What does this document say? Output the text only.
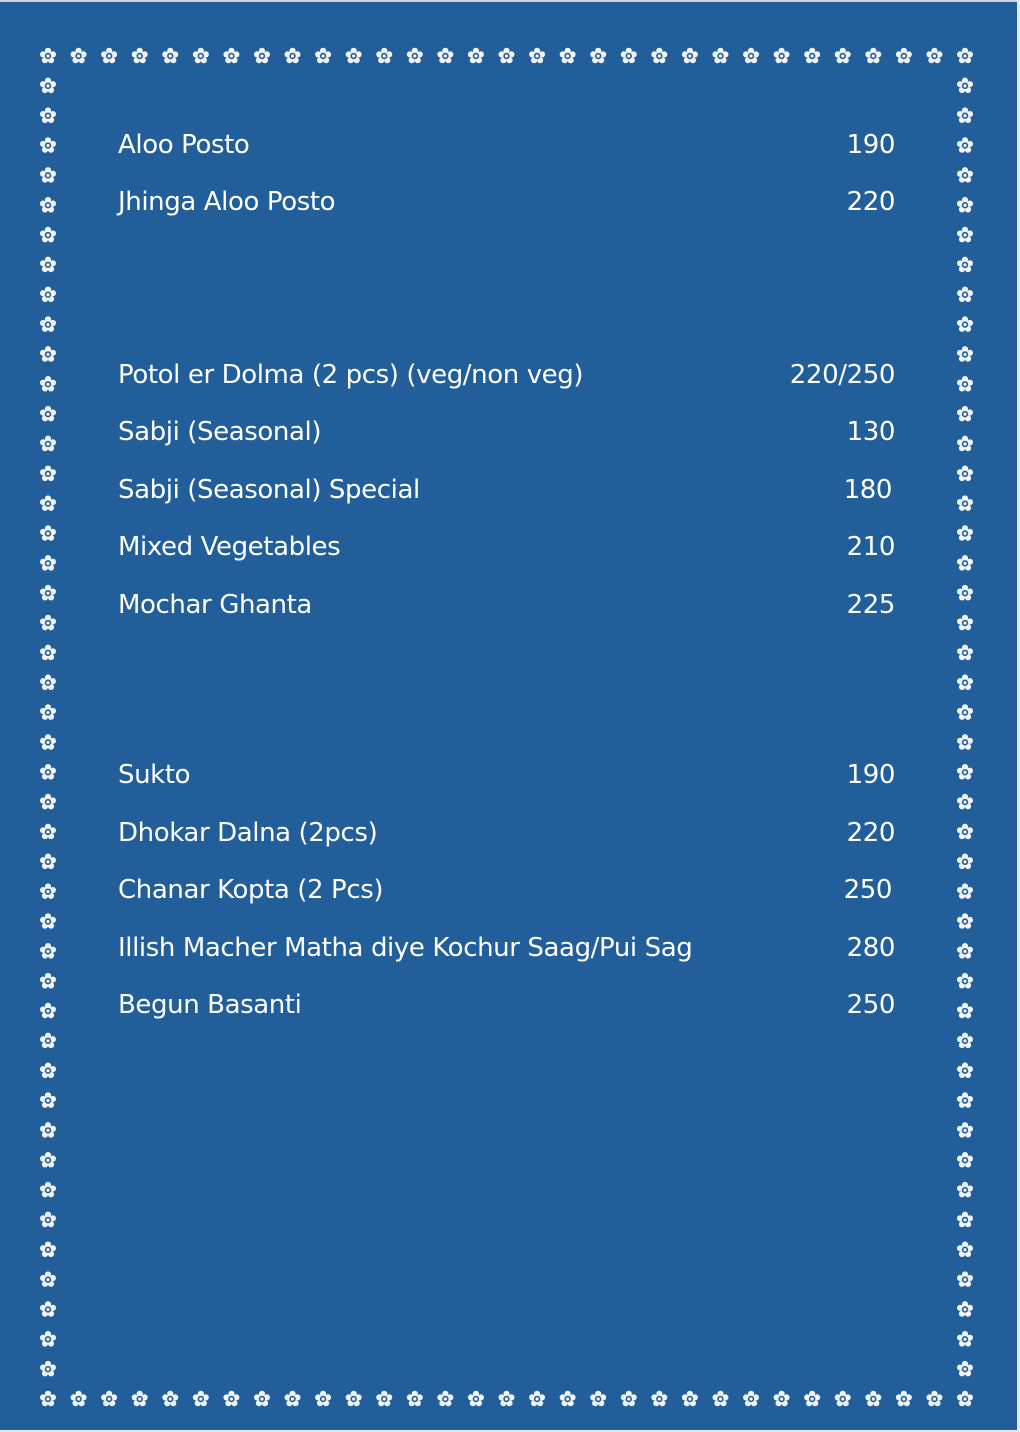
Aloo Posto	190
Jhinga Aloo Posto	220
Potol er Dolma (2 pcs) (veg/non veg)	220/250
Sabji (Seasonal)	130
Sabji (Seasonal) Special	180
Mixed Vegetables	210
Mochar Ghanta	225
Sukto	190
Dhokar Dalna (2pcs)	220
Chanar Kopta (2 Pcs)	250
Illish Macher Matha diye Kochur Saag/Pui Sag	280
Begun Basanti	250
